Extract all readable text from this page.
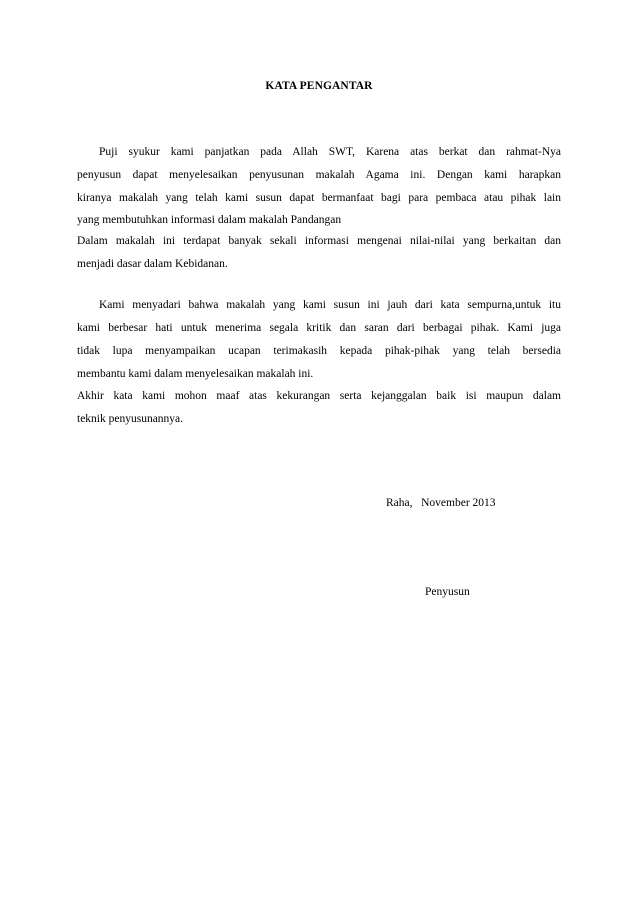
KATA PENGANTAR
Puji syukur kami panjatkan pada Allah SWT, Karena atas berkat dan rahmat-Nya
penyusun dapat menyelesaikan penyusunan makalah Agama ini. Dengan kami harapkan
kiranya makalah yang telah kami susun dapat bermanfaat bagi para pembaca atau pihak lain
yang membutuhkan informasi dalam makalah Pandangan
Dalam makalah ini terdapat banyak sekali informasi mengenai nilai-nilai yang berkaitan dan
menjadi dasar dalam Kebidanan.
Kami menyadari bahwa makalah yang kami susun ini jauh dari kata sempurna,untuk itu
kami berbesar hati untuk menerima segala kritik dan saran dari berbagai pihak. Kami juga
tidak lupa menyampaikan ucapan terimakasih kepada pihak-pihak yang telah bersedia
membantu kami dalam menyelesaikan makalah ini.
Akhir kata kami mohon maaf atas kekurangan serta kejanggalan baik isi maupun dalam
teknik penyusunannya.
Raha,   November 2013
Penyusun
